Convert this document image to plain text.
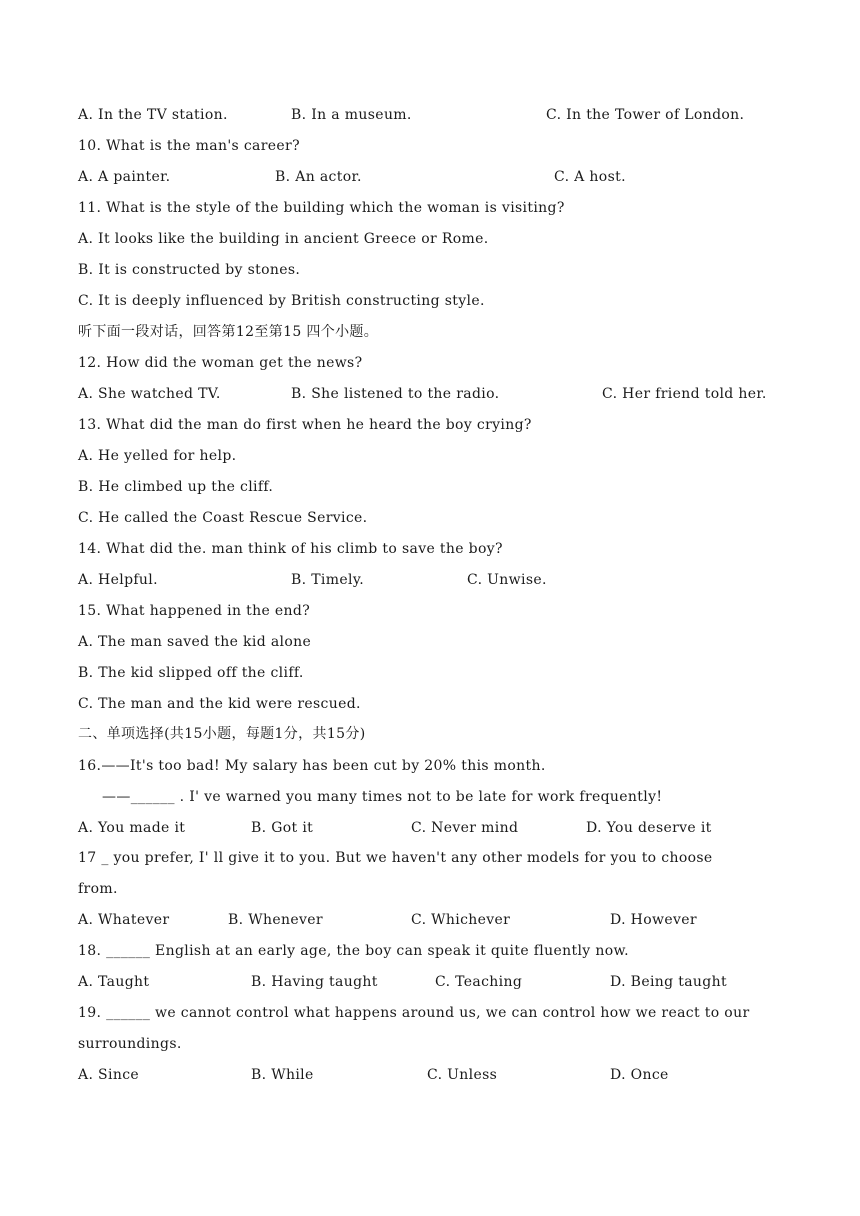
A. In the TV station.

	B. In a museum.

	C. In the Tower of London.

10. What is the man's career?

A. A painter.

	B. An actor.

	C. A host.

11. What is the style of the building which the woman is visiting?
A. It looks like the building in ancient Greece or Rome.
B. It is constructed by stones.
C. It is deeply influenced by British constructing style.
听下面一段对话，回答第12至第15 四个小题。
12. How did the woman get the news?

A. She watched TV.

	B. She listened to the radio.

	C. Her friend told her.

13. What did the man do first when he heard the boy crying?
A. He yelled for help.
B. He climbed up the cliff.
C. He called the Coast Rescue Service.
14. What did the. man think of his climb to save the boy?

A. Helpful.

	B. Timely.

	C. Unwise.

15. What happened in the end?
A. The man saved the kid alone
B. The kid slipped off the cliff.
C. The man and the kid were rescued.
二、单项选择(共15小题，每题1分，共15分)
16.——It's too bad! My salary has been cut by 20% this month.
——______ . I' ve warned you many times not to be late for work frequently!

A. You made it

	B. Got it

	C. Never mind

	D. You deserve it

17 _ you prefer, I' ll give it to you. But we haven't any other models for you to choose
from.

A. Whatever

	B. Whenever

	C. Whichever

	D. However

18. ______ English at an early age, the boy can speak it quite fluently now.

A. Taught

	B. Having taught

	C. Teaching

	D. Being taught

19. ______ we cannot control what happens around us, we can control how we react to our
surroundings.

A. Since

	B. While

	C. Unless

	D. Once
